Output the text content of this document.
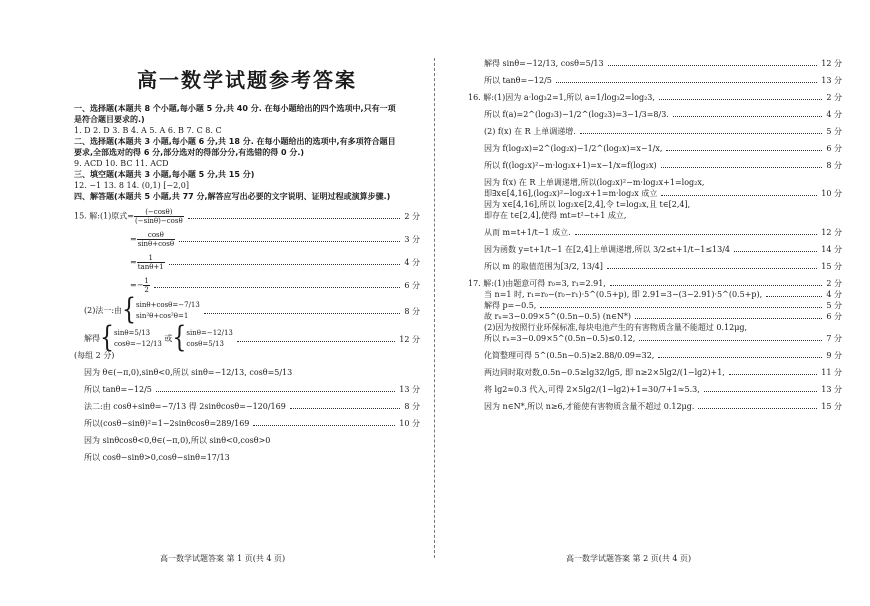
高一数学试题参考答案
一、选择题(本题共 8 个小题,每小题 5 分,共 40 分. 在每小题给出的四个选项中,只有一项
是符合题目要求的.)
1. D 2. D 3. B 4. A 5. A 6. B 7. C 8. C
二、选择题(本题共 3 小题,每小题 6 分,共 18 分. 在每小题给出的选项中,有多项符合题目
要求,全部选对的得 6 分,部分选对的得部分分,有选错的得 0 分.)
9. ACD 10. BC 11. ACD
三、填空题(本题共 3 小题,每小题 5 分,共 15 分)
12. −1 13. 8 14. (0,1) [−2,0]
四、解答题(本题共 5 小题,共 77 分,解答应写出必要的文字说明、证明过程或演算步骤.)
15. 解:(1)原式= $\frac{(-\cos\theta)}{(-\sin\theta)-\cos\theta}$	2 分
= $\frac{\cos\theta}{\sin\theta+\cos\theta}$	3 分
= $\frac{1}{\tan\theta+1}$	4 分
=− $\frac{1}{2}$	6 分
(2)法一:由{ sinθ+cosθ=−7/13
sin²θ+cos²θ=1
8 分
解得{ sinθ=5/13
cosθ=−12/13
或{ sinθ=−12/13
cosθ=5/13
12 分
(每组 2 分)
因为 θ∈(−π,0),sinθ<0,所以 sinθ=−12/13, cosθ=5/13
所以 tanθ=−12/5	13 分
法二:由 cosθ+sinθ=−7/13 得 2sinθcosθ=−120/169	8 分
所以(cosθ−sinθ)²=1−2sinθcosθ=289/169	10 分
因为 sinθcosθ<0,θ∈(−π,0),所以 sinθ<0,cosθ>0
所以 cosθ−sinθ>0,cosθ−sinθ=17/13
解得 sinθ=−12/13, cosθ=5/13	12 分
所以 tanθ=−12/5	13 分
16. 解:(1)因为 a·log₃2=1,所以 a=1/log₃2=log₂3,	2 分
所以 f(a)=2^(log₂3)−1/2^(log₂3)=3−1/3=8/3.	4 分
(2) f(x) 在 R 上单调递增.	5 分
因为 f(log₂x)=2^(log₂x)−1/2^(log₂x)=x−1/x,	6 分
所以 f((log₂x)²−m·log₂x+1)=x−1/x=f(log₂x)	8 分
因为 f(x) 在 R 上单调递增,所以(log₂x)²−m·log₂x+1=log₂x,
即∃x∈[4,16],(log₂x)²−log₂x+1=m·log₂x 成立	10 分
因为 x∈[4,16],所以 log₂x∈[2,4],令 t=log₂x,且 t∈[2,4],
即存在 t∈[2,4],使得 mt=t²−t+1 成立,
从而 m=t+1/t−1 成立.	12 分
因为函数 y=t+1/t−1 在[2,4]上单调递增,所以 3/2≤t+1/t−1≤13/4	14 分
所以 m 的取值范围为[3/2, 13/4]	15 分
17. 解:(1)由题意可得 r₀=3, r₁=2.91,	2 分
当 n=1 时, r₁=r₀−(r₀−r₁)·5^(0.5+p), 即 2.91=3−(3−2.91)·5^(0.5+p),	4 分
解得 p=−0.5,	5 分
故 rₙ=3−0.09×5^(0.5n−0.5) (n∈N*)	6 分
(2)因为按照行业环保标准,每块电池产生的有害物质含量不能超过 0.12μg,
所以 rₙ=3−0.09×5^(0.5n−0.5)≤0.12,	7 分
化简整理可得 5^(0.5n−0.5)≥2.88/0.09=32,	9 分
两边同时取对数,0.5n−0.5≥lg32/lg5, 即 n≥2×5lg2/(1−lg2)+1,	11 分
将 lg2≈0.3 代入,可得 2×5lg2/(1−lg2)+1=30/7+1≈5.3,	13 分
因为 n∈N*,所以 n≥6,才能使有害物质含量不超过 0.12μg.	15 分
高一数学试题答案 第 1 页(共 4 页)	高一数学试题答案 第 2 页(共 4 页)
